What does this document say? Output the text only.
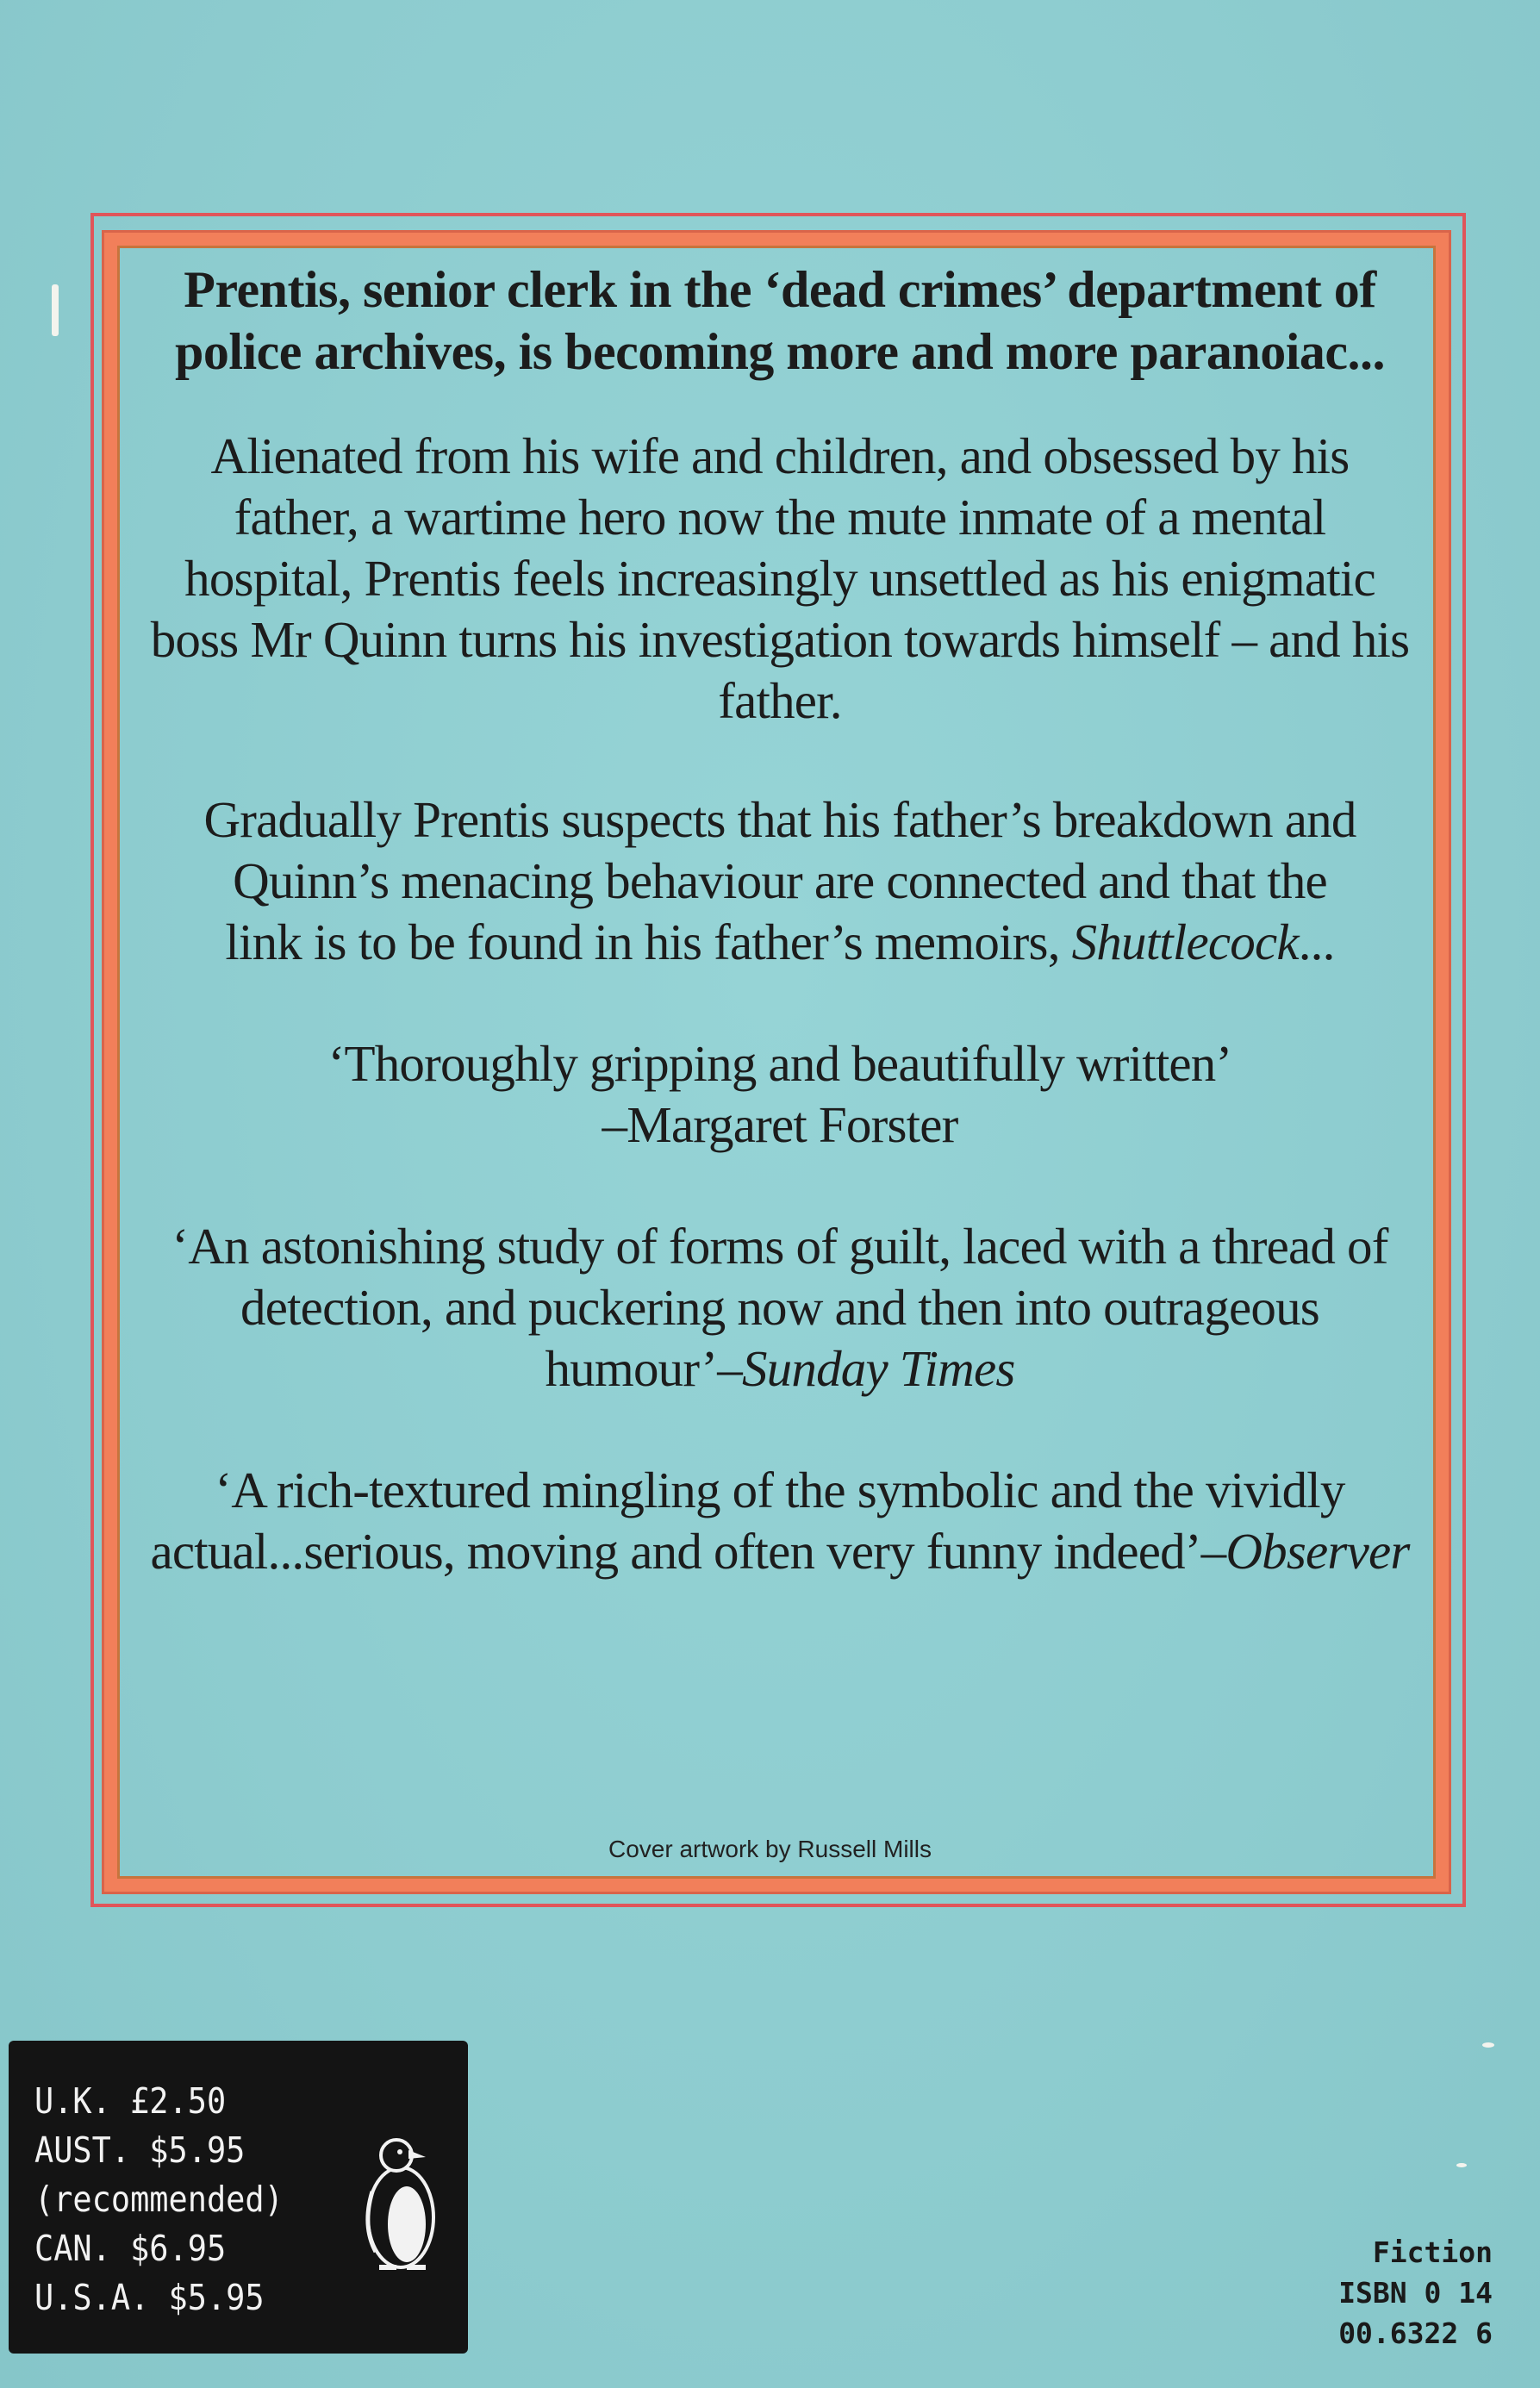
Prentis, senior clerk in the ‘dead crimes’ department of police archives, is becoming more and more paranoiac...

Alienated from his wife and children, and obsessed by his father, a wartime hero now the mute inmate of a mental hospital, Prentis feels increasingly unsettled as his enigmatic boss Mr Quinn turns his investigation towards himself – and his father.

Gradually Prentis suspects that his father’s breakdown and Quinn’s menacing behaviour are connected and that the link is to be found in his father’s memoirs, Shuttlecock...

‘Thoroughly gripping and beautifully written’
–Margaret Forster

‘An astonishing study of forms of guilt, laced with a thread of detection, and puckering now and then into outrageous humour’–Sunday Times

‘A rich-textured mingling of the symbolic and the vividly actual...serious, moving and often very funny indeed’–Observer

Cover artwork by Russell Mills
U.K. £2.50
AUST. $5.95
(recommended)
CAN. $6.95
U.S.A. $5.95
Fiction
ISBN 0 14
00.6322 6
